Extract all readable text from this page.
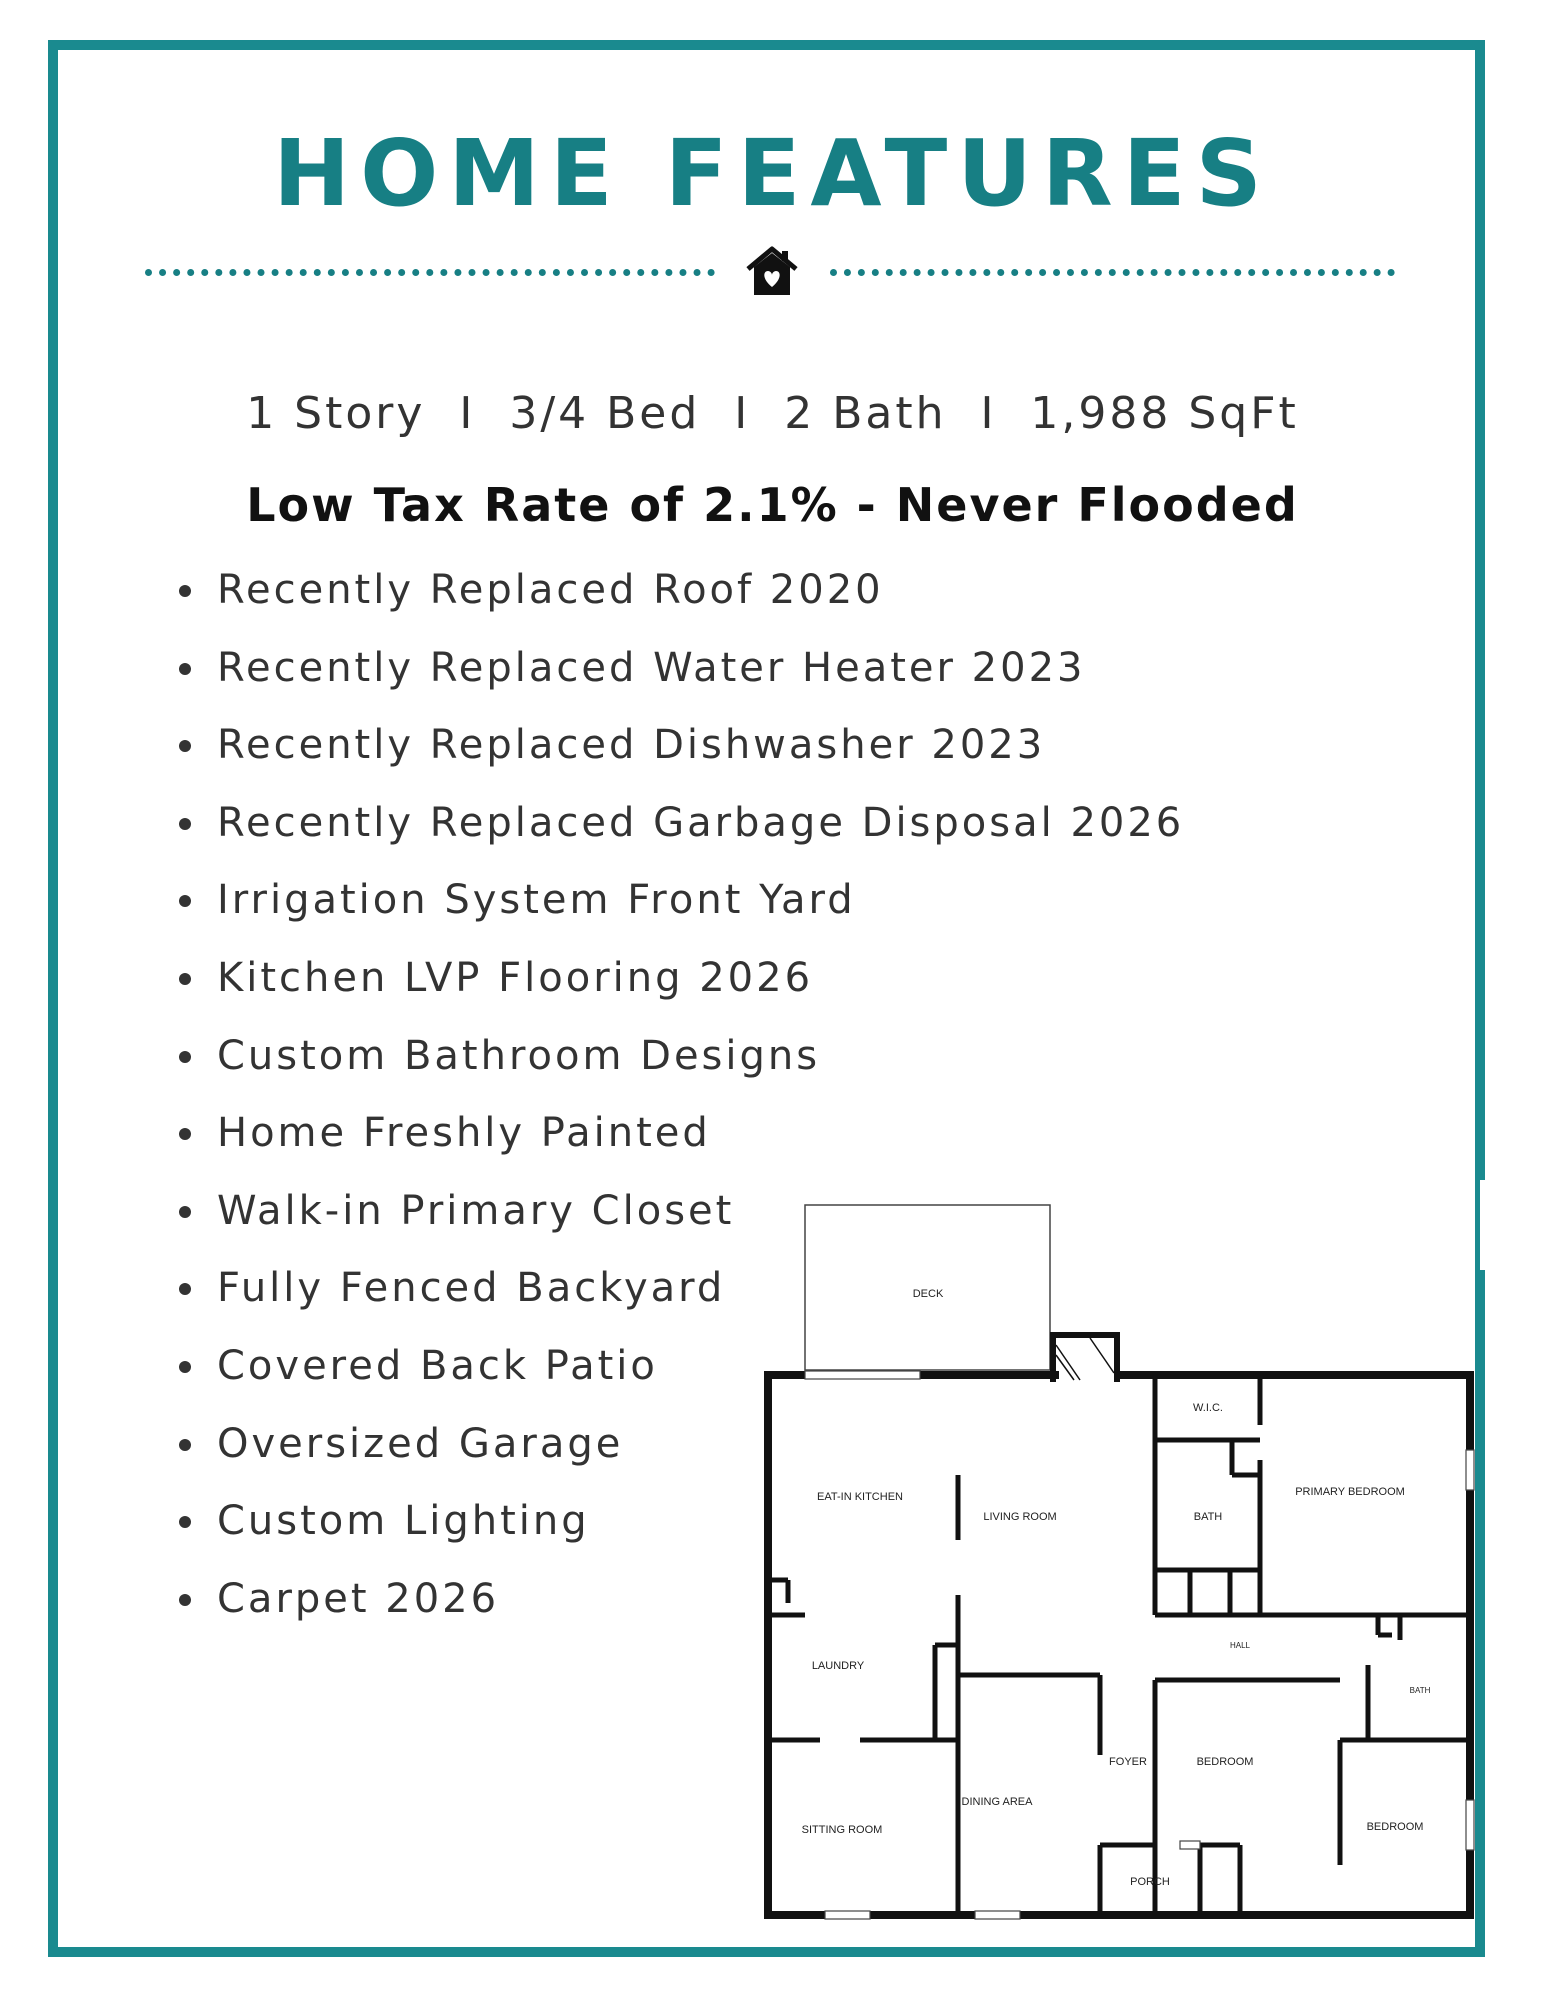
HOME FEATURES
1 Story  I  3/4 Bed  I  2 Bath  I  1,988 SqFt
Low Tax Rate of 2.1% - Never Flooded
Recently Replaced Roof 2020
Recently Replaced Water Heater 2023
Recently Replaced Dishwasher 2023
Recently Replaced Garbage Disposal 2026
Irrigation System Front Yard
Kitchen LVP Flooring 2026
Custom Bathroom Designs
Home Freshly Painted
Walk-in Primary Closet
Fully Fenced Backyard
Covered Back Patio
Oversized Garage
Custom Lighting
Carpet 2026
DECK
W.I.C.
BATH
PRIMARY BEDROOM
EAT-IN KITCHEN
LIVING ROOM
HALL
BATH
LAUNDRY
FOYER	BEDROOM
DINING AREA
SITTING ROOM	BEDROOM
PORCH
